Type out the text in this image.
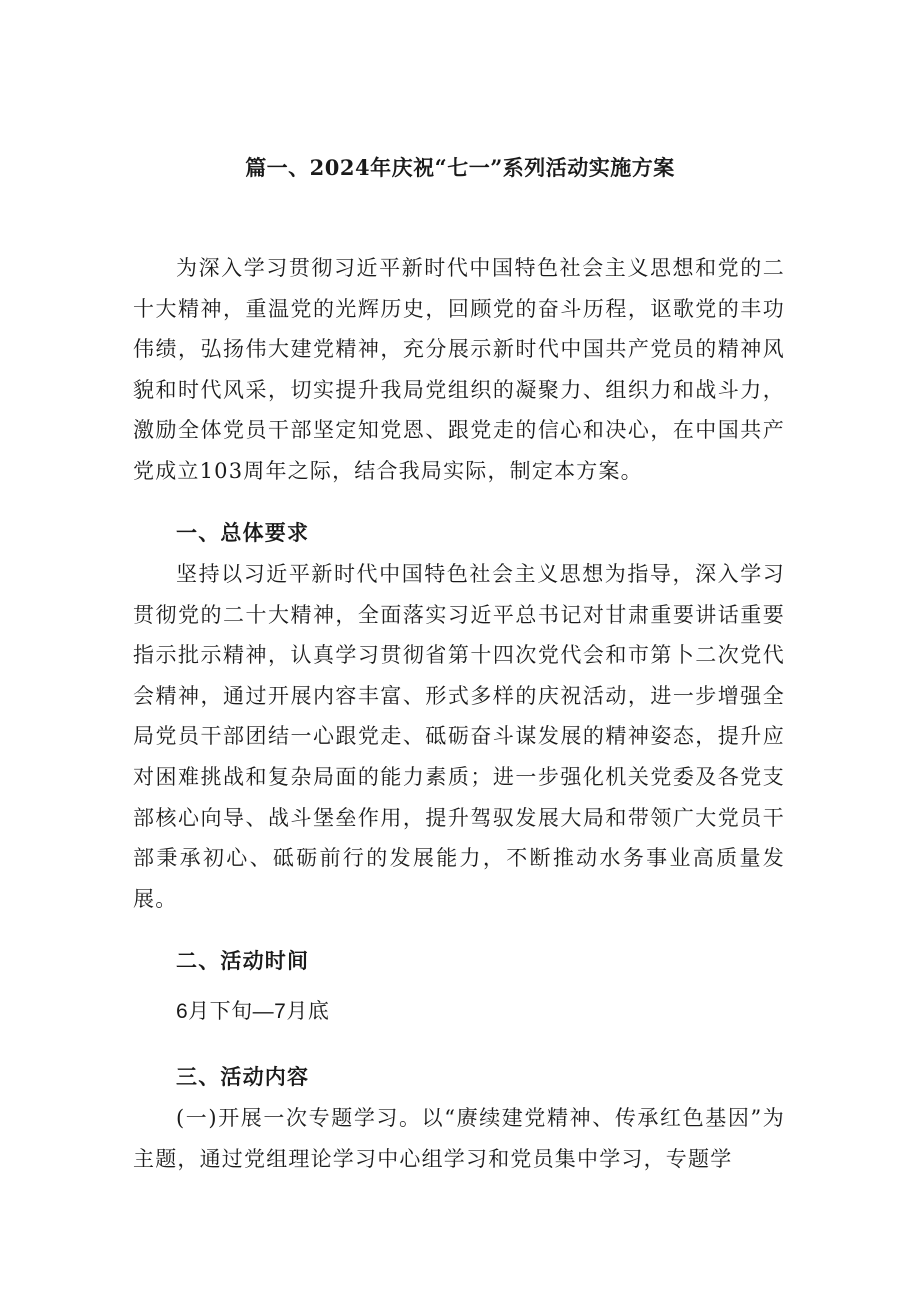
篇一、2024年庆祝“七一”系列活动实施方案
为深入学习贯彻习近平新时代中国特色社会主义思想和党的二十大精神，重温党的光辉历史，回顾党的奋斗历程，讴歌党的丰功伟绩，弘扬伟大建党精神，充分展示新时代中国共产党员的精神风貌和时代风采，切实提升我局党组织的凝聚力、组织力和战斗力，激励全体党员干部坚定知党恩、跟党走的信心和决心，在中国共产党成立103周年之际，结合我局实际，制定本方案。
一、总体要求
坚持以习近平新时代中国特色社会主义思想为指导，深入学习贯彻党的二十大精神，全面落实习近平总书记对甘肃重要讲话重要指示批示精神，认真学习贯彻省第十四次党代会和市第卜二次党代会精神，通过开展内容丰富、形式多样的庆祝活动，进一步增强全局党员干部团结一心跟党走、砥砺奋斗谋发展的精神姿态，提升应对困难挑战和复杂局面的能力素质；进一步强化机关党委及各党支部核心向导、战斗堡垒作用，提升驾驭发展大局和带领广大党员干部秉承初心、砥砺前行的发展能力，不断推动水务事业高质量发展。
二、活动时间
6月下旬—7月底
三、活动内容
(一)开展一次专题学习。以“赓续建党精神、传承红色基因”为主题，通过党组理论学习中心组学习和党员集中学习，专题学
